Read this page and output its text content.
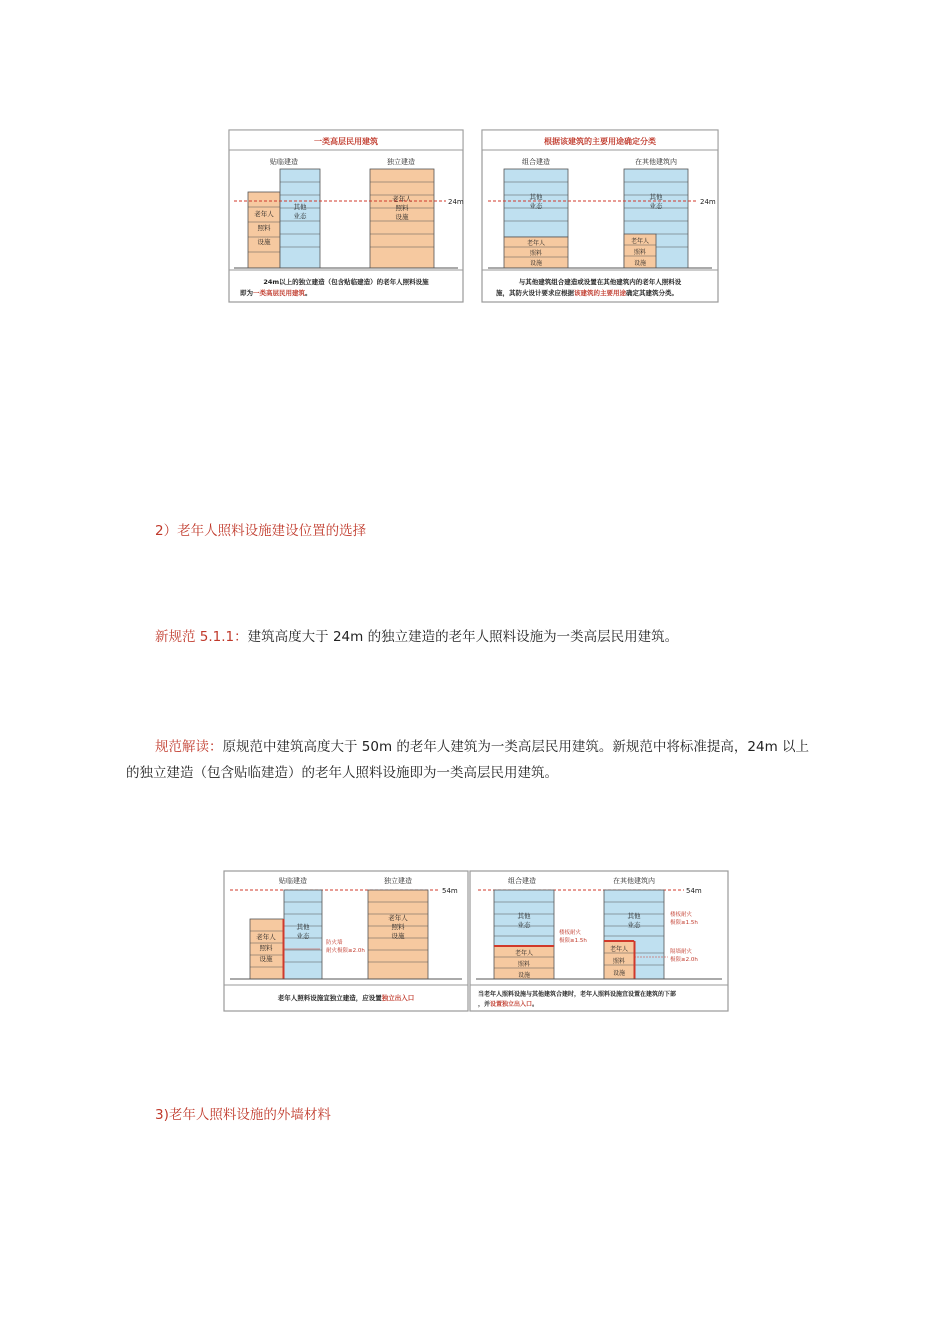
一类高层民用建筑
贴临建造	独立建造
老年人
照料
设施
其他
业态
老年人
照料
设施
24m
24m以上的独立建造（包含贴临建造）的老年人照料设施
即为一类高层民用建筑。
根据该建筑的主要用途确定分类
组合建造	在其他建筑内
其他
业态
老年人
照料
设施
其他
业态
老年人
照料
设施
24m
与其他建筑组合建造或设置在其他建筑内的老年人照料设
施，其防火设计要求应根据该建筑的主要用途确定其建筑分类。
2）老年人照料设施建设位置的选择
新规范 5.1.1：建筑高度大于 24m 的独立建造的老年人照料设施为一类高层民用建筑。
规范解读：原规范中建筑高度大于 50m 的老年人建筑为一类高层民用建筑。新规范中将标准提高，24m 以上
的独立建造（包含贴临建造）的老年人照料设施即为一类高层民用建筑。
贴临建造	独立建造
54m
老年人
照料
设施
其他
业态
防火墙
耐火极限≥2.0h
老年人
照料
设施
老年人照料设施宜独立建造，应设置独立出入口
组合建造	在其他建筑内
54m
其他
业态
老年人
照料
设施
楼板耐火
极限≥1.5h
其他
业态
老年人
照料
设施
楼板耐火
极限≥1.5h
隔墙耐火
极限≥2.0h
当老年人照料设施与其他建筑合建时，老年人照料设施宜设置在建筑的下部
，并设置独立出入口。
3)老年人照料设施的外墙材料
